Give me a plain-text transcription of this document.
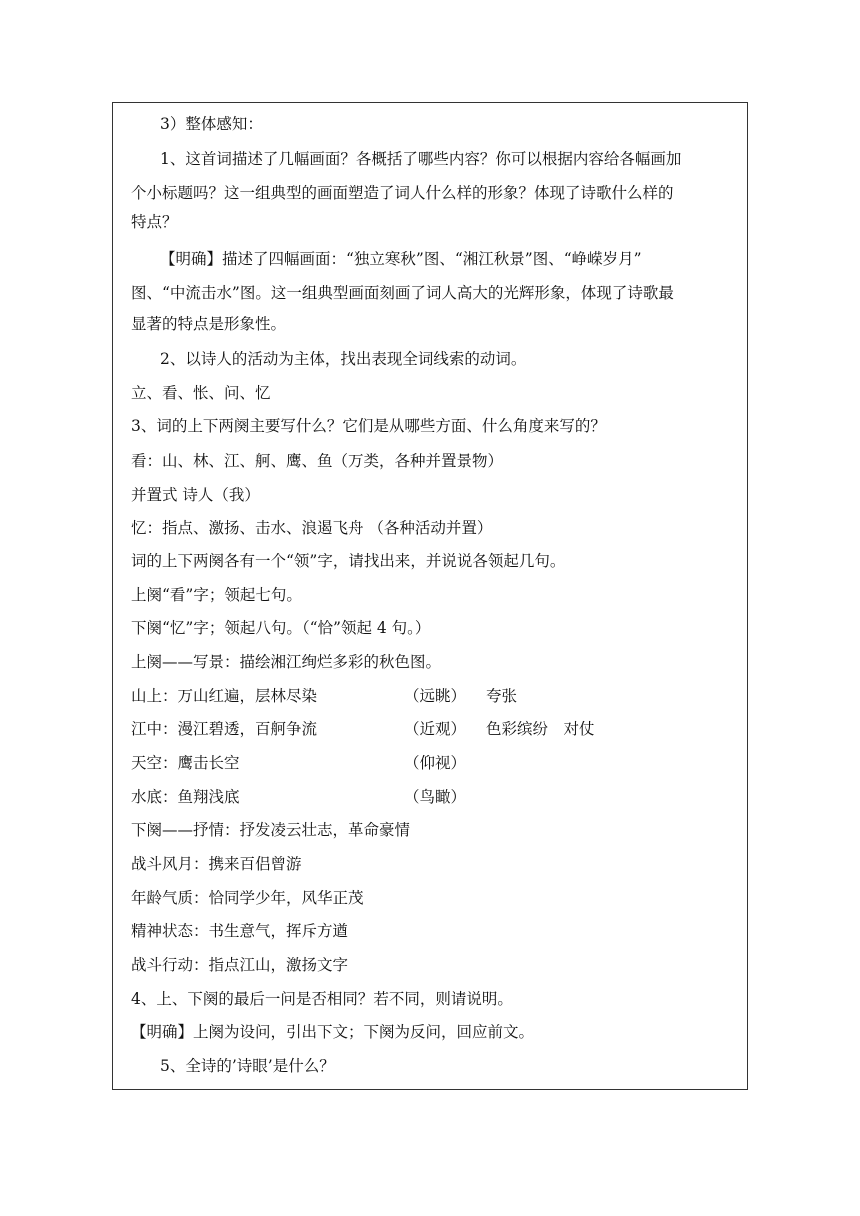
3）整体感知：
1、这首词描述了几幅画面？各概括了哪些内容？你可以根据内容给各幅画加
个小标题吗？这一组典型的画面塑造了词人什么样的形象？体现了诗歌什么样的
特点？
【明确】描述了四幅画面：“独立寒秋”图、“湘江秋景”图、“峥嵘岁月”
图、“中流击水”图。这一组典型画面刻画了词人高大的光辉形象，体现了诗歌最
显著的特点是形象性。
2、以诗人的活动为主体，找出表现全词线索的动词。
立、看、怅、问、忆
3、词的上下两阕主要写什么？它们是从哪些方面、什么角度来写的？
看：山、林、江、舸、鹰、鱼（万类，各种并置景物）
并置式 诗人（我）
忆：指点、激扬、击水、浪遏飞舟 （各种活动并置）
词的上下两阕各有一个“领”字，请找出来，并说说各领起几句。
上阕“看”字；领起七句。
下阕“忆”字；领起八句。（“恰”领起 4 句。）
上阕——写景：描绘湘江绚烂多彩的秋色图。
山上：万山红遍，层林尽染	（远眺） 夸张
江中：漫江碧透，百舸争流	（近观） 色彩缤纷　对仗
天空：鹰击长空	（仰视）
水底：鱼翔浅底	（鸟瞰）
下阕——抒情：抒发凌云壮志，革命豪情
战斗风月：携来百侣曾游
年龄气质：恰同学少年，风华正茂
精神状态：书生意气，挥斥方遒
战斗行动：指点江山，激扬文字
4、上、下阕的最后一问是否相同？若不同，则请说明。
【明确】上阕为设问，引出下文；下阕为反问，回应前文。
5、全诗的’诗眼’是什么？
